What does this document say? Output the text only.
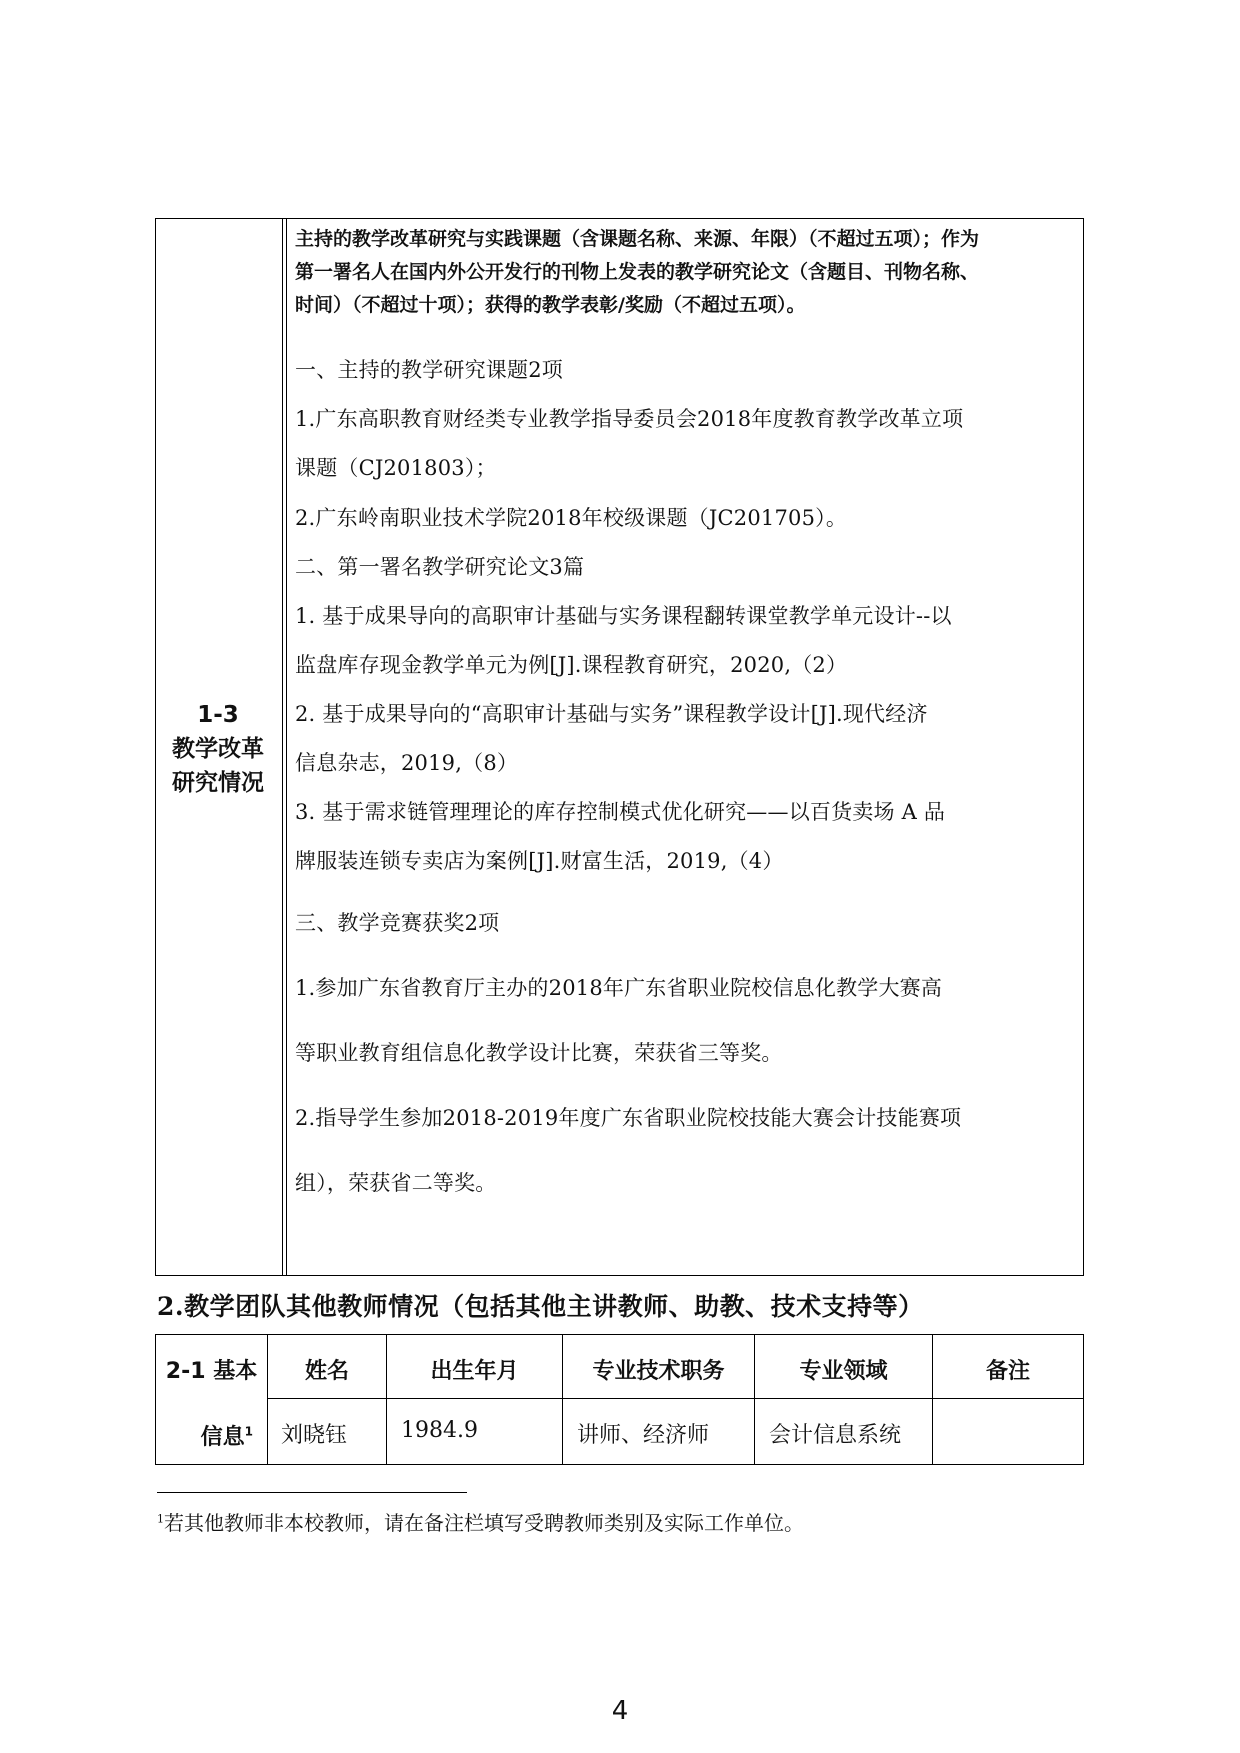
1-3
教学改革
研究情况
主持的教学改革研究与实践课题（含课题名称、来源、年限）（不超过五项）；作为
第一署名人在国内外公开发行的刊物上发表的教学研究论文（含题目、刊物名称、
时间）（不超过十项）；获得的教学表彰/奖励（不超过五项）。
一、主持的教学研究课题2项
1.广东高职教育财经类专业教学指导委员会2018年度教育教学改革立项
课题（CJ201803）；
2.广东岭南职业技术学院2018年校级课题（JC201705）。
二、第一署名教学研究论文3篇
1. 基于成果导向的高职审计基础与实务课程翻转课堂教学单元设计--以
监盘库存现金教学单元为例[J].课程教育研究，2020,（2）
2. 基于成果导向的“高职审计基础与实务”课程教学设计[J].现代经济
信息杂志，2019,（8）
3. 基于需求链管理理论的库存控制模式优化研究——以百货卖场 A 品
牌服装连锁专卖店为案例[J].财富生活，2019,（4）
三、教学竞赛获奖2项
1.参加广东省教育厅主办的2018年广东省职业院校信息化教学大赛高
等职业教育组信息化教学设计比赛，荣获省三等奖。
2.指导学生参加2018-2019年度广东省职业院校技能大赛会计技能赛项
组），荣获省二等奖。
2.教学团队其他教师情况（包括其他主讲教师、助教、技术支持等）
2-1 基本
信息$^1$
姓名	出生年月	专业技术职务	专业领域	备注
刘晓钰 1984.9	讲师、经济师	会计信息系统
$^1$若其他教师非本校教师，请在备注栏填写受聘教师类别及实际工作单位。
4
